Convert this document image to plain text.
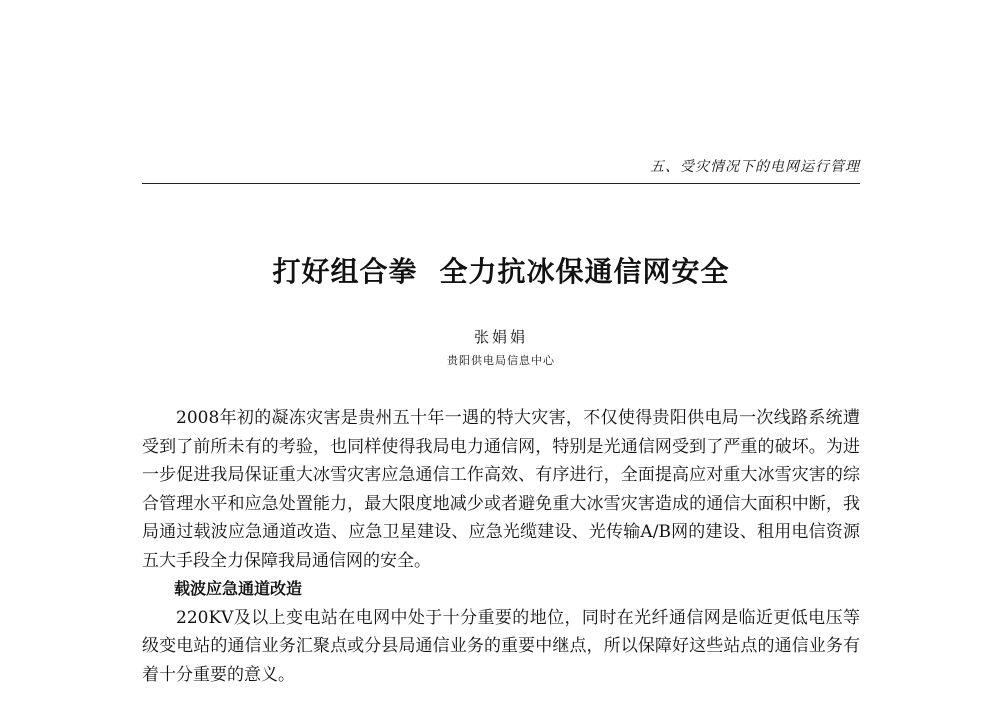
五、受灾情况下的电网运行管理
打好组合拳 全力抗冰保通信网安全
张娟娟
贵阳供电局信息中心

2008年初的凝冻灾害是贵州五十年一遇的特大灾害，不仅使得贵阳供电局一次线路系统遭受到了前所未有的考验，也同样使得我局电力通信网，特别是光通信网受到了严重的破坏。为进一步促进我局保证重大冰雪灾害应急通信工作高效、有序进行，全面提高应对重大冰雪灾害的综合管理水平和应急处置能力，最大限度地减少或者避免重大冰雪灾害造成的通信大面积中断，我局通过载波应急通道改造、应急卫星建设、应急光缆建设、光传输A/B网的建设、租用电信资源五大手段全力保障我局通信网的安全。

载波应急通道改造

220KV及以上变电站在电网中处于十分重要的地位，同时在光纤通信网是临近更低电压等级变电站的通信业务汇聚点或分县局通信业务的重要中继点，所以保障好这些站点的通信业务有着十分重要的意义。
